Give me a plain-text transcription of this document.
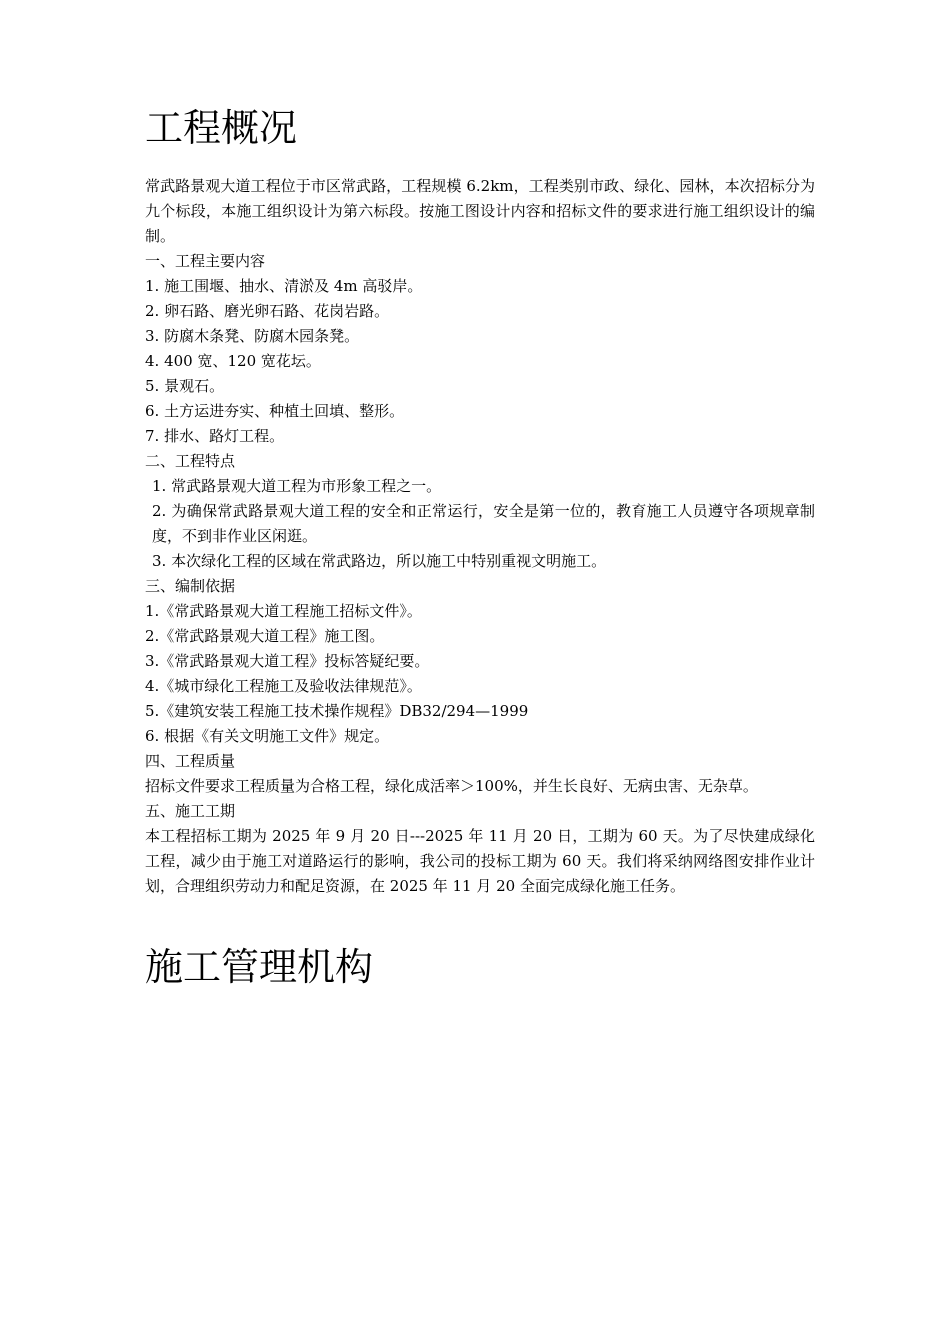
工程概况

常武路景观大道工程位于市区常武路，工程规模 6.2km，工程类别市政、绿化、园林，本次招标分为九个标段，本施工组织设计为第六标段。按施工图设计内容和招标文件的要求进行施工组织设计的编制。

一、工程主要内容

1. 施工围堰、抽水、清淤及 4m 高驳岸。

2. 卵石路、磨光卵石路、花岗岩路。

3. 防腐木条凳、防腐木园条凳。

4. 400 宽、120 宽花坛。

5. 景观石。

6. 土方运进夯实、种植土回填、整形。

7. 排水、路灯工程。

二、工程特点

1. 常武路景观大道工程为市形象工程之一。

2. 为确保常武路景观大道工程的安全和正常运行，安全是第一位的，教育施工人员遵守各项规章制度，不到非作业区闲逛。

3. 本次绿化工程的区域在常武路边，所以施工中特别重视文明施工。

三、编制依据

1.《常武路景观大道工程施工招标文件》。

2.《常武路景观大道工程》施工图。

3.《常武路景观大道工程》投标答疑纪要。

4.《城市绿化工程施工及验收法律规范》。

5.《建筑安装工程施工技术操作规程》DB32/294—1999

6. 根据《有关文明施工文件》规定。

四、工程质量

招标文件要求工程质量为合格工程，绿化成活率＞100%，并生长良好、无病虫害、无杂草。

五、施工工期

本工程招标工期为 2025 年 9 月 20 日---2025 年 11 月 20 日，工期为 60 天。为了尽快建成绿化工程，减少由于施工对道路运行的影响，我公司的投标工期为 60 天。我们将采纳网络图安排作业计划，合理组织劳动力和配足资源，在 2025 年 11 月 20 全面完成绿化施工任务。

施工管理机构
